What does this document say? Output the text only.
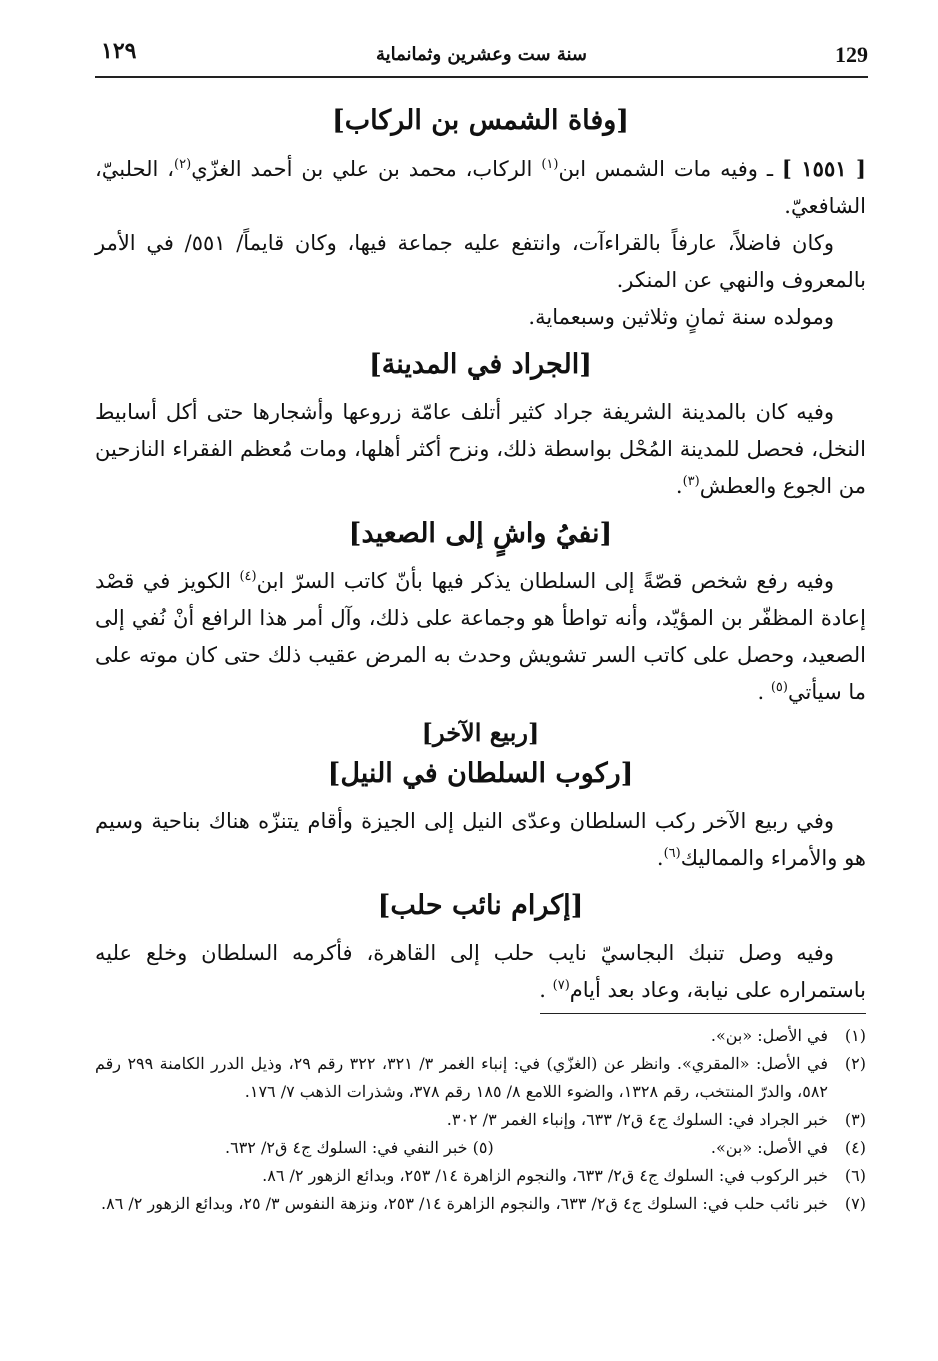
١٢٩	سنة ست وعشرين وثمانماية	129
[وفاة الشمس بن الركاب]

[ ١٥٥١ ] ـ وفيه مات الشمس ابن$^{(١)}$ الركاب، محمد بن علي بن أحمد الغزّي$^{(٢)}$، الحلبيّ، الشافعيّ.

وكان فاضلاً، عارفاً بالقراءآت، وانتفع عليه جماعة فيها، وكان قايماً/ ٥٥١/ في الأمر بالمعروف والنهي عن المنكر.

ومولده سنة ثمانٍ وثلاثين وسبعماية.

[الجراد في المدينة]

وفيه كان بالمدينة الشريفة جراد كثير أتلف عامّة زروعها وأشجارها حتى أكل أسابيط النخل، فحصل للمدينة المُحْل بواسطة ذلك، ونزح أكثر أهلها، ومات مُعظم الفقراء النازحين من الجوع والعطش$^{(٣)}$.

[نفيُ واشٍ إلى الصعيد]

وفيه رفع شخص قصّةً إلى السلطان يذكر فيها بأنّ كاتب السرّ ابن$^{(٤)}$ الكويز في قصْد إعادة المظفّر بن المؤيّد، وأنه تواطأ هو وجماعة على ذلك، وآل أمر هذا الرافع أنْ نُفي إلى الصعيد، وحصل على كاتب السر تشويش وحدث به المرض عقيب ذلك حتى كان موته على ما سيأتي$^{(٥)}$ .

[ربيع الآخر]
[ركوب السلطان في النيل]

وفي ربيع الآخر ركب السلطان وعدّى النيل إلى الجيزة وأقام يتنزّه هناك بناحية وسيم هو والأمراء والمماليك$^{(٦)}$.

[إكرام نائب حلب]

وفيه وصل تنبك البجاسيّ نايب حلب إلى القاهرة، فأكرمه السلطان وخلع عليه باستمراره على نيابة، وعاد بعد أيام$^{(٧)}$ .

(١)
في الأصل: «بن».
(٢)
في الأصل: «المقري». وانظر عن (الغزّي) في: إنباء الغمر ٣/ ٣٢١، ٣٢٢ رقم ٢٩، وذيل الدرر الكامنة ٢٩٩ رقم ٥٨٢، والدرّ المنتخب، رقم ١٣٢٨، والضوء اللامع ٨/ ١٨٥ رقم ٣٧٨، وشذرات الذهب ٧/ ١٧٦.
(٣)
خبر الجراد في: السلوك ج٤ ق٢/ ٦٣٣، وإنباء الغمر ٣/ ٣٠٢.
(٤)
في الأصل: «بن».
(٥) خبر النفي في: السلوك ج٤ ق٢/ ٦٣٢.
(٦)
خبر الركوب في: السلوك ج٤ ق٢/ ٦٣٣، والنجوم الزاهرة ١٤/ ٢٥٣، وبدائع الزهور ٢/ ٨٦.
(٧)
خبر نائب حلب في: السلوك ج٤ ق٢/ ٦٣٣، والنجوم الزاهرة ١٤/ ٢٥٣، ونزهة النفوس ٣/ ٢٥، وبدائع الزهور ٢/ ٨٦.
